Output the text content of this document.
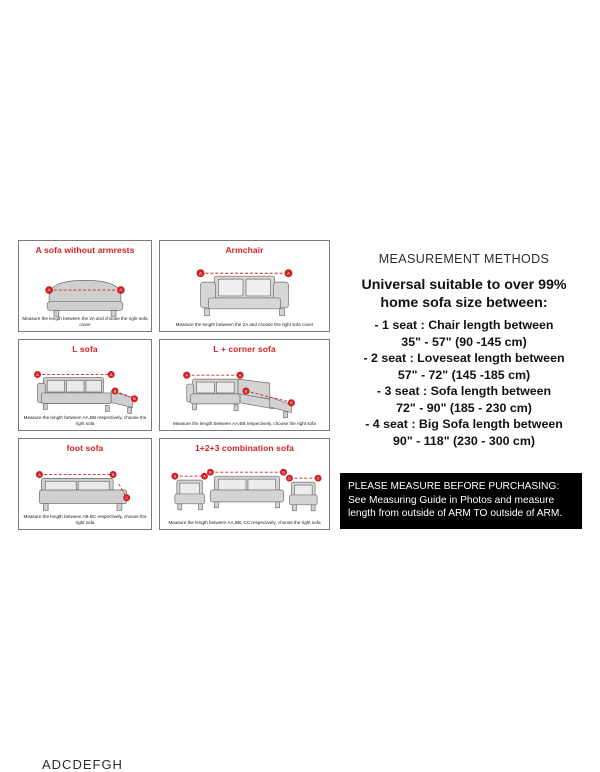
A sofa without armrests
A	A
Measure the length between the 2A and choose the right sofa cover
Armchair
A	A
Measure the length between the 2A and choose the right sofa cover
L sofa
A	A
B
B
Measure the length between AA,BB respectively, choose the right sofa
L + corner sofa
A	A
B
B
Measure the length between AA,BB respectively, choose the right sofa
foot sofa
A	B
C
Measure the length between AB BC respectively, choose the right sofa
1+2+3 combination sofa
A	A
B	B
C	C
Measure the length between AA,BB, CC respectively, choose the right sofa
MEASUREMENT METHODS
Universal suitable to over 99%
home sofa size between:
- 1 seat : Chair length between
35" - 57" (90 -145 cm)
- 2 seat : Loveseat length between
57" - 72" (145 -185 cm)
- 3 seat : Sofa length between
72" - 90" (185 - 230 cm)
- 4 seat : Big Sofa length between
90" - 118" (230 - 300 cm)
PLEASE MEASURE BEFORE PURCHASING: See Measuring Guide in Photos and measure length from outside of ARM TO outside of ARM.
ADCDEFGH
